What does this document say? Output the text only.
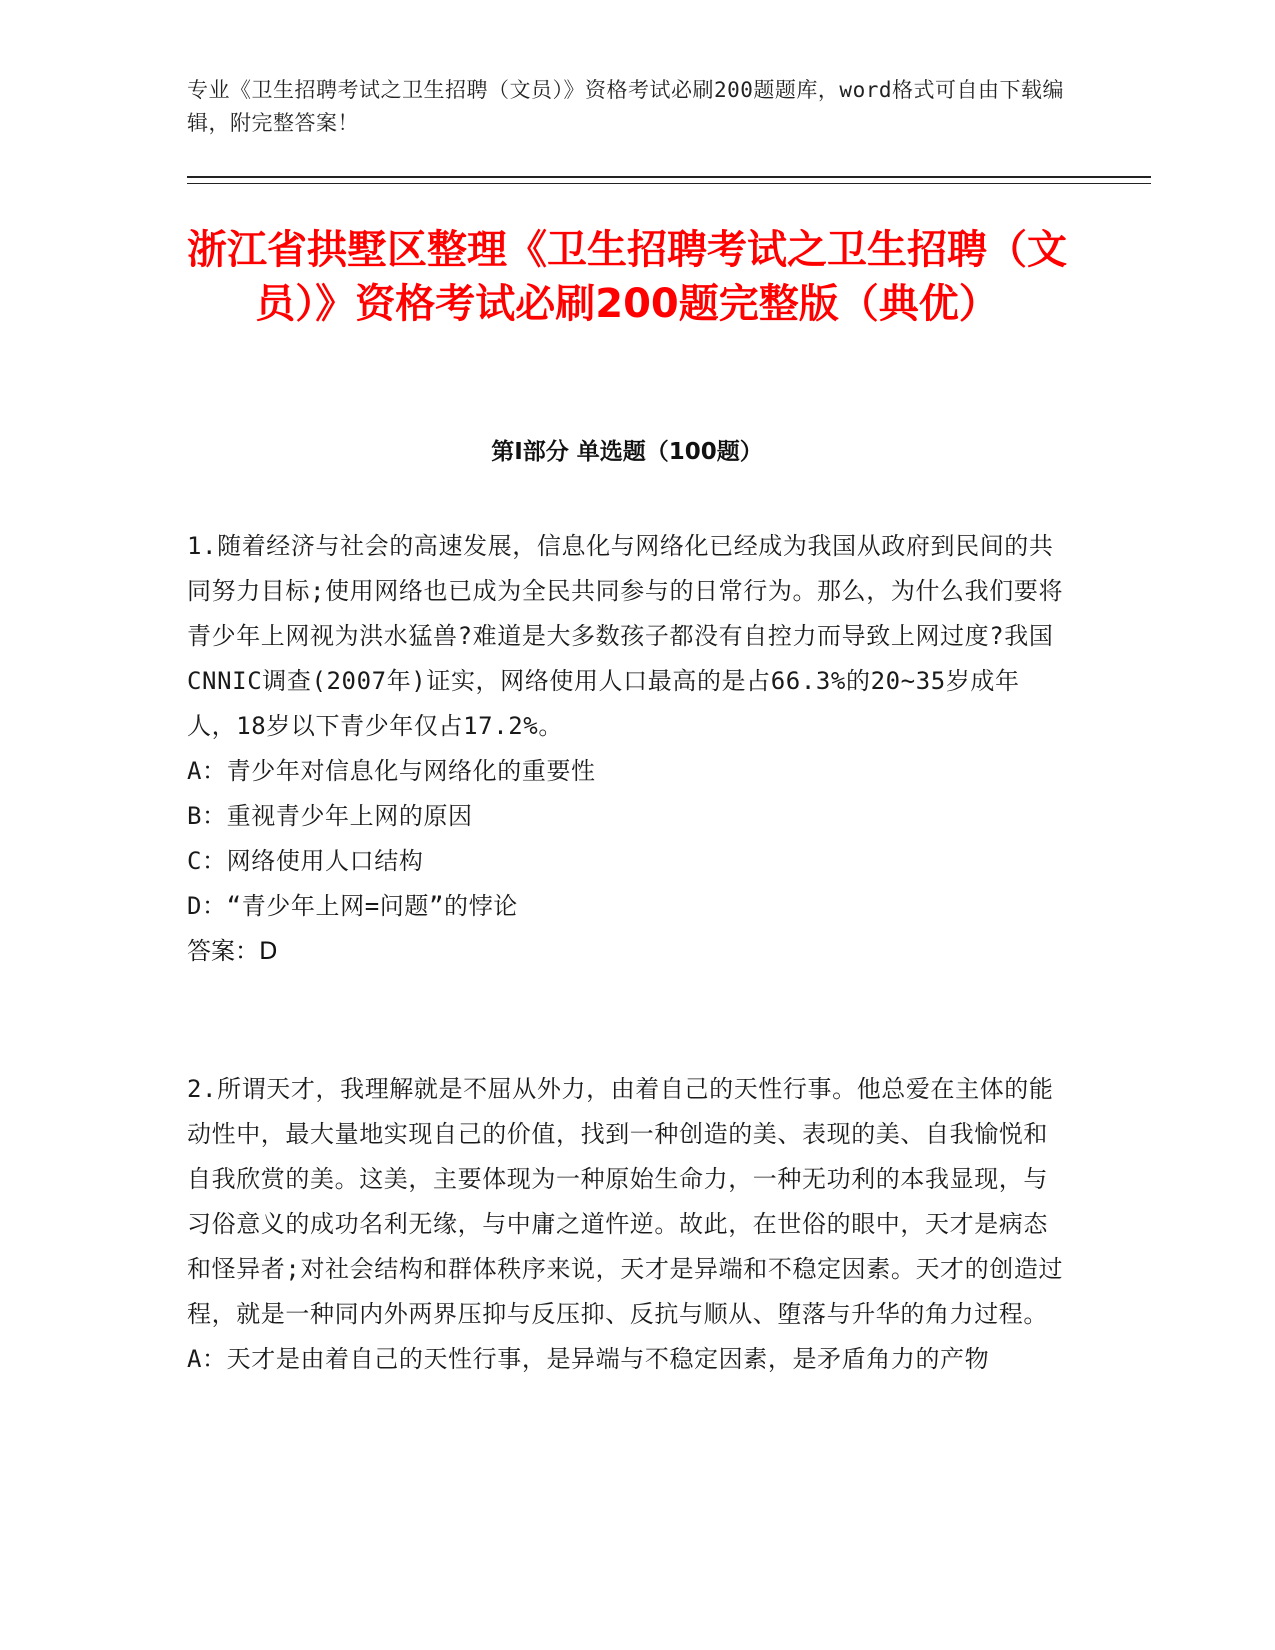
专业《卫生招聘考试之卫生招聘（文员）》资格考试必刷200题题库，word格式可自由下载编辑，附完整答案！
浙江省拱墅区整理《卫生招聘考试之卫生招聘（文员）》资格考试必刷200题完整版（典优）
第I部分 单选题（100题）

1.随着经济与社会的高速发展，信息化与网络化已经成为我国从政府到民间的共同努力目标;使用网络也已成为全民共同参与的日常行为。那么，为什么我们要将青少年上网视为洪水猛兽?难道是大多数孩子都没有自控力而导致上网过度?我国CNNIC调查(2007年)证实，网络使用人口最高的是占66.3%的20~35岁成年人，18岁以下青少年仅占17.2%。

A：青少年对信息化与网络化的重要性

B：重视青少年上网的原因

C：网络使用人口结构

D：“青少年上网=问题”的悖论

答案：D

2.所谓天才，我理解就是不屈从外力，由着自己的天性行事。他总爱在主体的能动性中，最大量地实现自己的价值，找到一种创造的美、表现的美、自我愉悦和自我欣赏的美。这美，主要体现为一种原始生命力，一种无功利的本我显现，与习俗意义的成功名利无缘，与中庸之道忤逆。故此，在世俗的眼中，天才是病态和怪异者;对社会结构和群体秩序来说，天才是异端和不稳定因素。天才的创造过程，就是一种同内外两界压抑与反压抑、反抗与顺从、堕落与升华的角力过程。

A：天才是由着自己的天性行事，是异端与不稳定因素，是矛盾角力的产物
